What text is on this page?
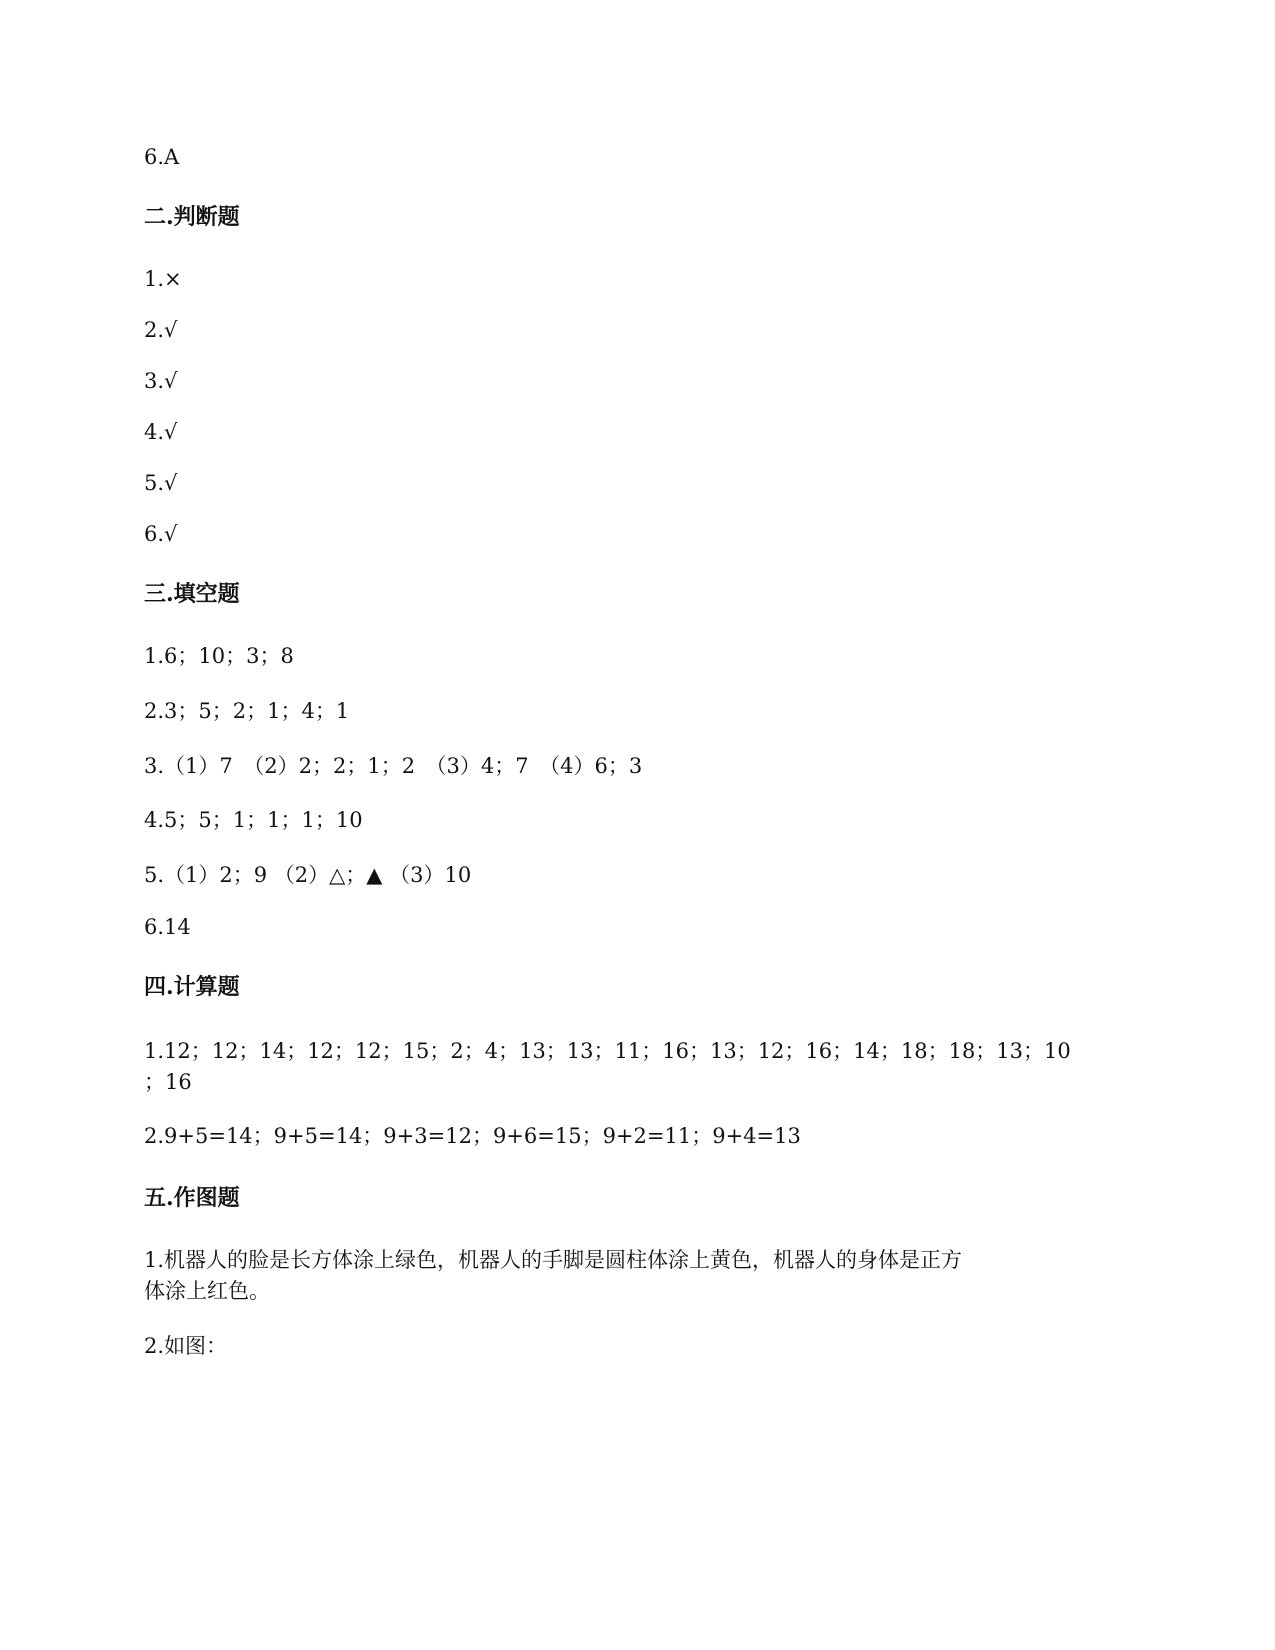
6.A
二.判断题
1.×
2.√
3.√
4.√
5.√
6.√
三.填空题
1.6；10；3；8
2.3；5；2；1；4；1
3.（1）7　（2）2；2；1；2　（3）4；7　（4）6；3
4.5；5；1；1；1；10
5.（1）2；9 （2）△；▲ （3）10
6.14
四.计算题
1.12；12；14；12；12；15；2；4；13；13；11；16；13；12；16；14；18；18；13；10
；16
2.9+5=14；9+5=14；9+3=12；9+6=15；9+2=11；9+4=13
五.作图题
1.机器人的脸是长方体涂上绿色，机器人的手脚是圆柱体涂上黄色，机器人的身体是正方
体涂上红色。
2.如图：
